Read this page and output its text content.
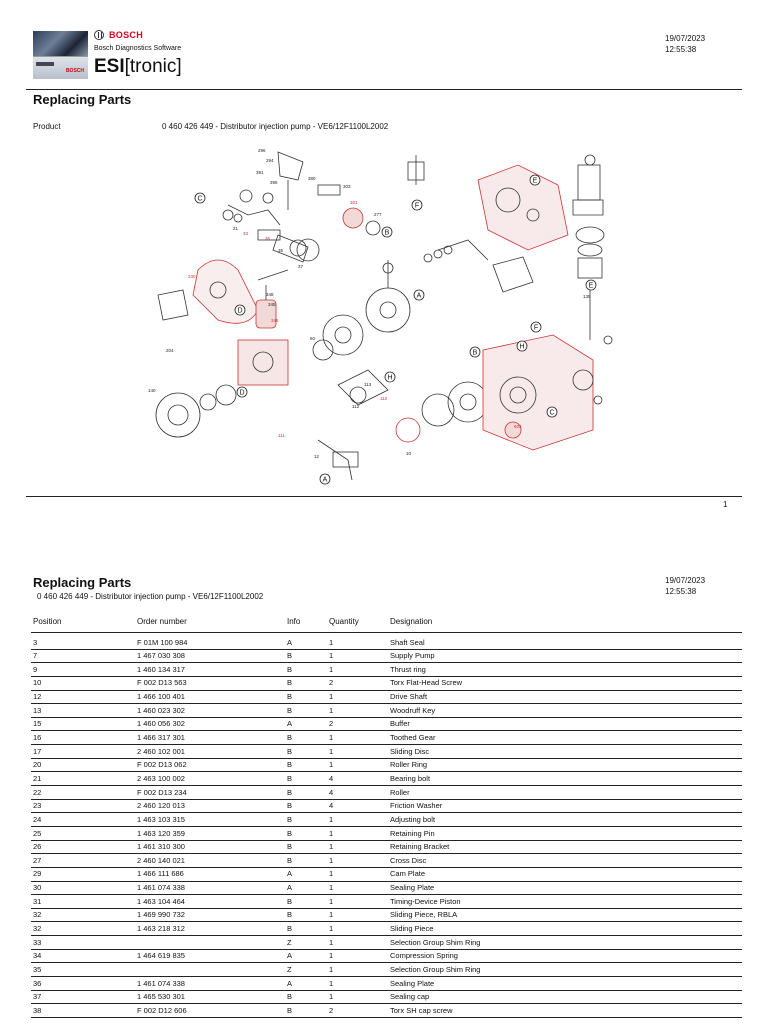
BOSCH
BOSCH
Bosch Diagnostics Software
ESI[tronic]
19/07/2023
12:55:38
Replacing Parts
Product	0 460 426 449 - Distributor injection pump - VE6/12F1100L2002
C
D
D
B
A
F
E
E
B
F
H
H
C
A
296
294
391
395
380
303
301
277
21
33
36
35
37
348
345
346
230
204
10
12
135
140
112
113
110
111
60
603
1
Replacing Parts
0 460 426 449 - Distributor injection pump - VE6/12F1100L2002
19/07/2023
12:55:38
Position	Order number	Info	Quantity	Designation
3	F 01M 100 984	A	1	Shaft Seal
7	1 467 030 308	B	1	Supply Pump
9	1 460 134 317	B	1	Thrust ring
10	F 002 D13 563	B	2	Torx Flat-Head Screw
12	1 466 100 401	B	1	Drive Shaft
13	1 460 023 302	B	1	Woodruff Key
15	1 460 056 302	A	2	Buffer
16	1 466 317 301	B	1	Toothed Gear
17	2 460 102 001	B	1	Sliding Disc
20	F 002 D13 062	B	1	Roller Ring
21	2 463 100 002	B	4	Bearing bolt
22	F 002 D13 234	B	4	Roller
23	2 460 120 013	B	4	Friction Washer
24	1 463 103 315	B	1	Adjusting bolt
25	1 463 120 359	B	1	Retaining Pin
26	1 461 310 300	B	1	Retaining Bracket
27	2 460 140 021	B	1	Cross Disc
29	1 466 111 686	A	1	Cam Plate
30	1 461 074 338	A	1	Sealing Plate
31	1 463 104 464	B	1	Timing-Device Piston
32	1 469 990 732	B	1	Sliding Piece, RBLA
32	1 463 218 312	B	1	Sliding Piece
33		Z	1	Selection Group Shim Ring
34	1 464 619 835	A	1	Compression Spring
35		Z	1	Selection Group Shim Ring
36	1 461 074 338	A	1	Sealing Plate
37	1 465 530 301	B	1	Sealing cap
38	F 002 D12 606	B	2	Torx SH cap screw
